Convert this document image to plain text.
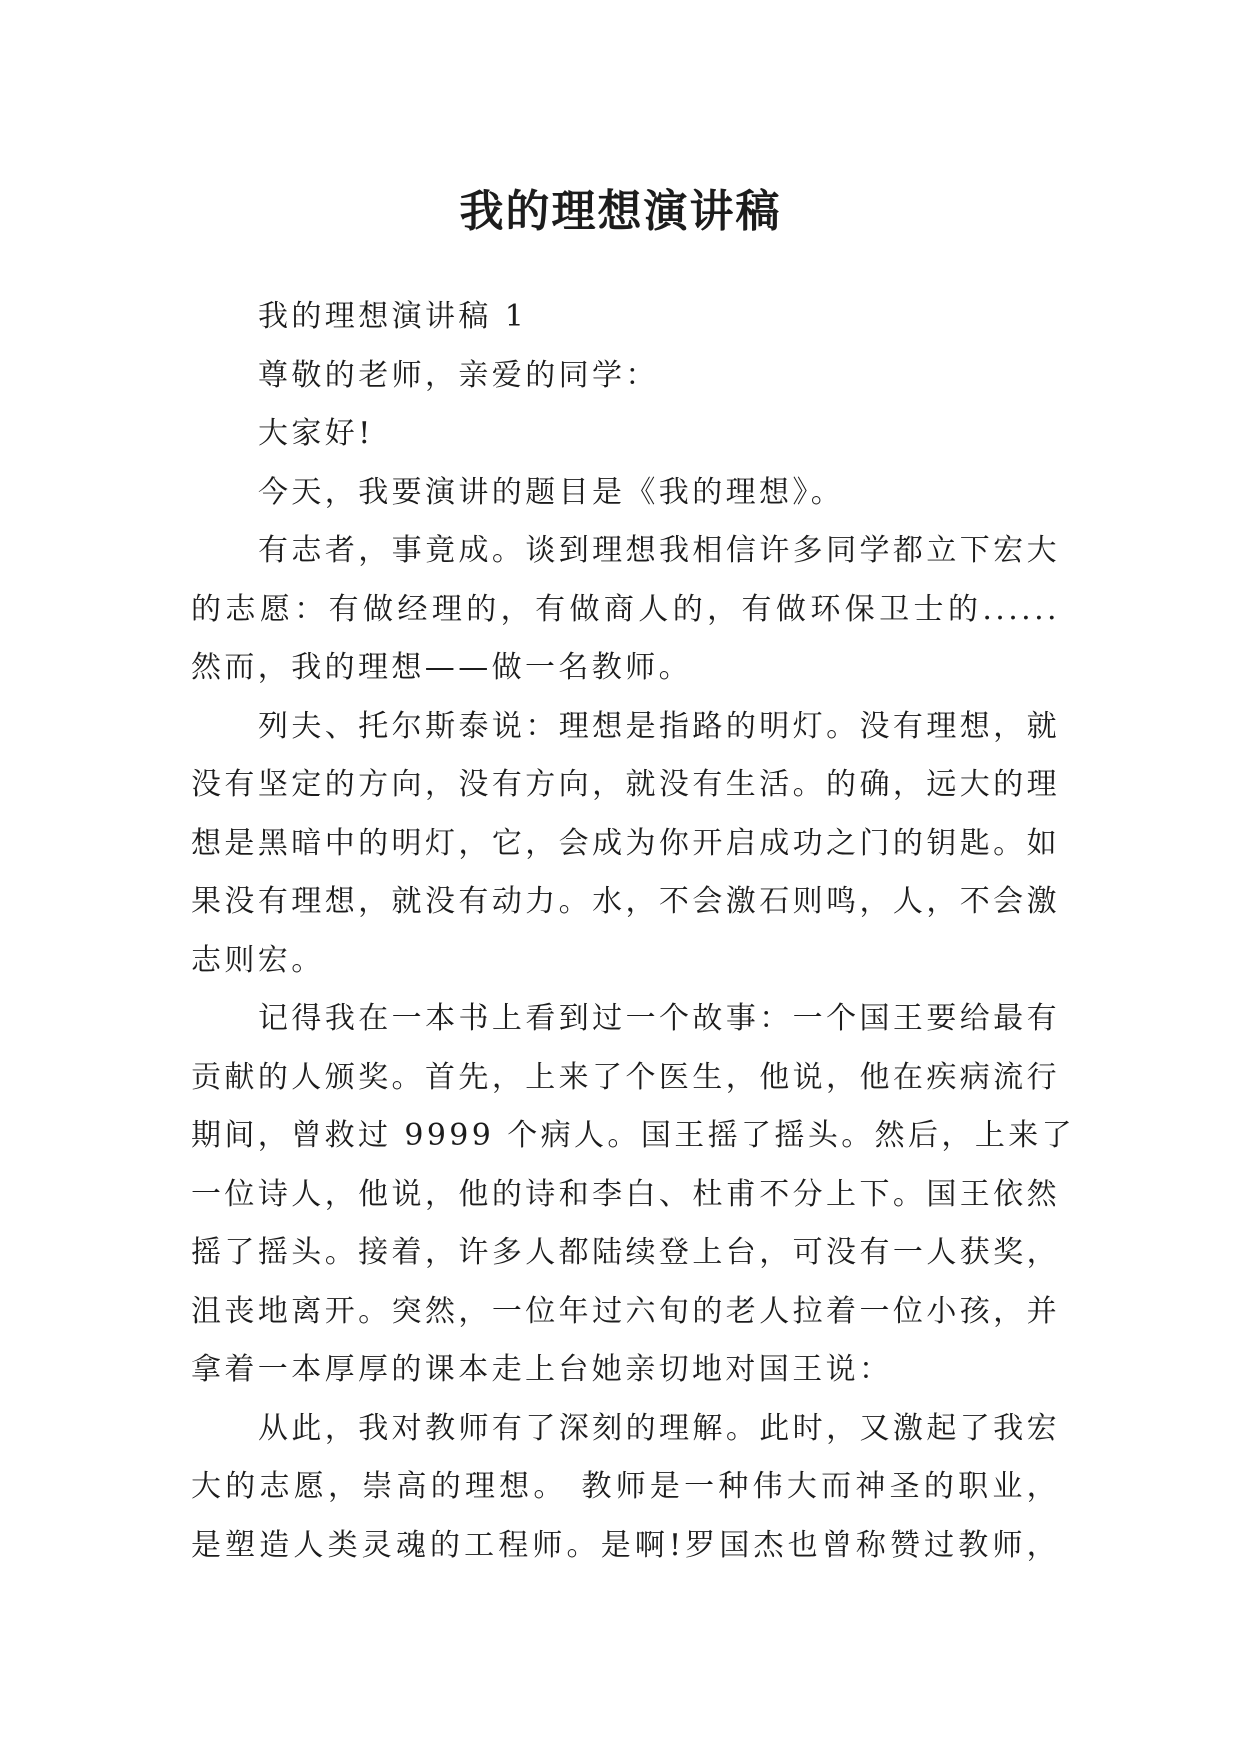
我的理想演讲稿
我的理想演讲稿 1
尊敬的老师，亲爱的同学：
大家好!
今天，我要演讲的题目是《我的理想》。
有志者，事竟成。谈到理想我相信许多同学都立下宏大
的志愿：有做经理的，有做商人的，有做环保卫士的......
然而，我的理想——做一名教师。
列夫、托尔斯泰说：理想是指路的明灯。没有理想，就
没有坚定的方向，没有方向，就没有生活。的确，远大的理
想是黑暗中的明灯，它，会成为你开启成功之门的钥匙。如
果没有理想，就没有动力。水，不会激石则鸣，人，不会激
志则宏。
记得我在一本书上看到过一个故事：一个国王要给最有
贡献的人颁奖。首先，上来了个医生，他说，他在疾病流行
期间，曾救过 9999 个病人。国王摇了摇头。然后，上来了
一位诗人，他说，他的诗和李白、杜甫不分上下。国王依然
摇了摇头。接着，许多人都陆续登上台，可没有一人获奖，
沮丧地离开。突然，一位年过六旬的老人拉着一位小孩，并
拿着一本厚厚的课本走上台她亲切地对国王说：
从此，我对教师有了深刻的理解。此时，又激起了我宏
大的志愿，崇高的理想。 教师是一种伟大而神圣的职业，
是塑造人类灵魂的工程师。是啊!罗国杰也曾称赞过教师，
